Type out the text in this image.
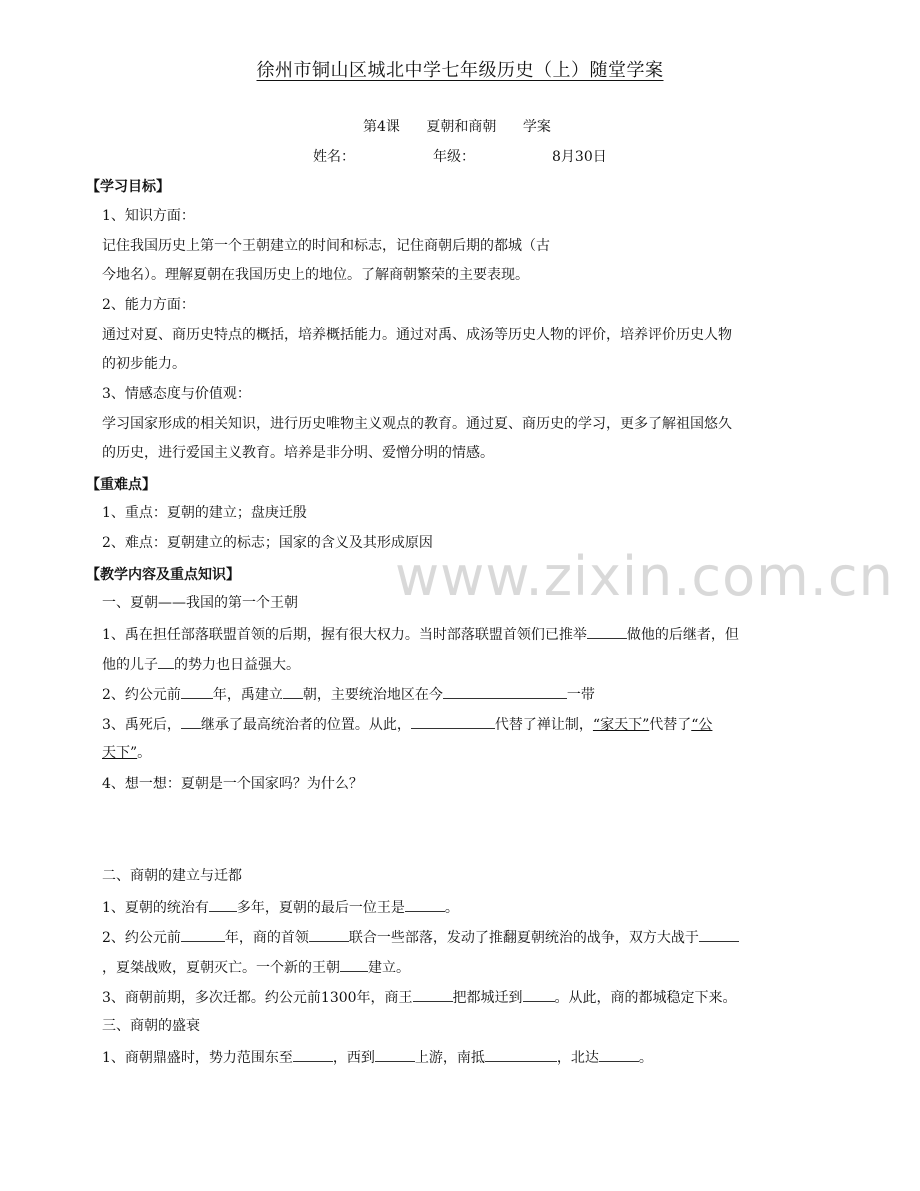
徐州市铜山区城北中学七年级历史（上）随堂学案
第4课 夏朝和商朝 学案
姓名：	年级：	8月30日
【学习目标】
1、知识方面：
记住我国历史上第一个王朝建立的时间和标志，记住商朝后期的都城（古
今地名）。理解夏朝在我国历史上的地位。了解商朝繁荣的主要表现。
2、能力方面：
通过对夏、商历史特点的概括，培养概括能力。通过对禹、成汤等历史人物的评价，培养评价历史人物
的初步能力。
3、情感态度与价值观：
学习国家形成的相关知识，进行历史唯物主义观点的教育。通过夏、商历史的学习，更多了解祖国悠久
的历史，进行爱国主义教育。培养是非分明、爱憎分明的情感。
【重难点】
1、重点：夏朝的建立；盘庚迁殷
2、难点：夏朝建立的标志；国家的含义及其形成原因
www.zixin.com.cn
【教学内容及重点知识】
一、夏朝——我国的第一个王朝
1、禹在担任部落联盟首领的后期，握有很大权力。当时部落联盟首领们已推举	做他的后继者，但
他的儿子 的势力也日益强大。
2、约公元前 年，禹建立 朝，主要统治地区在今	一带
3、禹死后， 继承了最高统治者的位置。从此，	代替了禅让制，“家天下”代替了“公
天下”。
4、想一想：夏朝是一个国家吗？为什么？
二、商朝的建立与迁都
1、夏朝的统治有 多年，夏朝的最后一位王是	。
2、约公元前	年，商的首领	联合一些部落，发动了推翻夏朝统治的战争，双方大战于
，夏桀战败，夏朝灭亡。一个新的王朝 建立。
3、商朝前期，多次迁都。约公元前1300年，商王	把都城迁到 。从此，商的都城稳定下来。
三、商朝的盛衰
1、商朝鼎盛时，势力范围东至	，西到	上游，南抵	，北达	。
